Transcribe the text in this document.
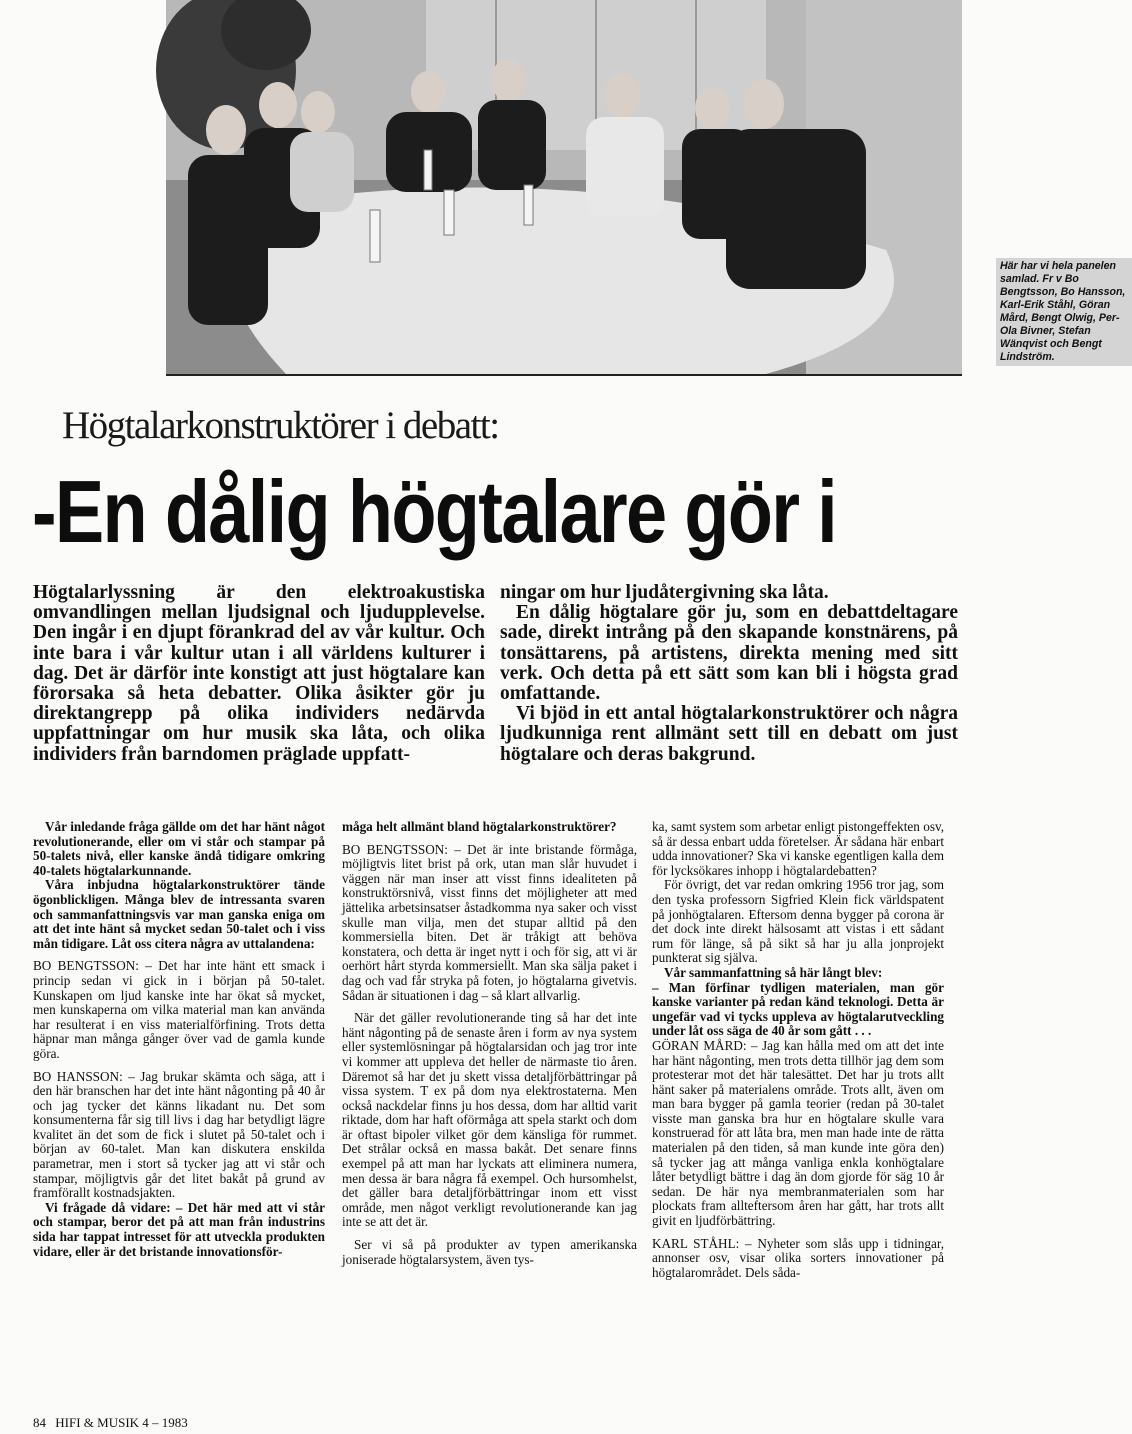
Här har vi hela panelen samlad. Fr v Bo Bengtsson, Bo Hansson, Karl-Erik Ståhl, Göran Mård, Bengt Olwig, Per-Ola Bivner, Stefan Wänqvist och Bengt Lindström.
Högtalarkonstruktörer i debatt:
-En dålig högtalare gör i

Högtalarlyssning är den elektroakustiska omvandlingen mellan ljudsignal och ljudupplevelse. Den ingår i en djupt förankrad del av vår kultur. Och inte bara i vår kultur utan i all världens kulturer i dag. Det är därför inte konstigt att just högtalare kan förorsaka så heta debatter. Olika åsikter gör ju direktangrepp på olika individers nedärvda uppfattningar om hur musik ska låta, och olika individers från barndomen präglade uppfatt-

ningar om hur ljudåtergivning ska låta.

En dålig högtalare gör ju, som en debattdeltagare sade, direkt intrång på den skapande konstnärens, på tonsättarens, på artistens, direkta mening med sitt verk. Och detta på ett sätt som kan bli i högsta grad omfattande.

Vi bjöd in ett antal högtalarkonstruktörer och några ljudkunniga rent allmänt sett till en debatt om just högtalare och deras bakgrund.

Vår inledande fråga gällde om det har hänt något revolutionerande, eller om vi står och stampar på 50-talets nivå, eller kanske ändå tidigare omkring 40-talets högtalarkunnande.

Våra inbjudna högtalarkonstruktörer tände ögonblickligen. Många blev de intressanta svaren och sammanfattningsvis var man ganska eniga om att det inte hänt så mycket sedan 50-talet och i viss mån tidigare. Låt oss citera några av uttalandena:

BO BENGTSSON: – Det har inte hänt ett smack i princip sedan vi gick in i början på 50-talet. Kunskapen om ljud kanske inte har ökat så mycket, men kunskaperna om vilka material man kan använda har resulterat i en viss materialförfining. Trots detta häpnar man många gånger över vad de gamla kunde göra.

BO HANSSON: – Jag brukar skämta och säga, att i den här branschen har det inte hänt någonting på 40 år och jag tycker det känns likadant nu. Det som konsumenterna får sig till livs i dag har betydligt lägre kvalitet än det som de fick i slutet på 50-talet och i början av 60-talet. Man kan diskutera enskilda parametrar, men i stort så tycker jag att vi står och stampar, möjligtvis går det litet bakåt på grund av framförallt kostnadsjakten.

Vi frågade då vidare: – Det här med att vi står och stampar, beror det på att man från industrins sida har tappat intresset för att utveckla produkten vidare, eller är det bristande innovationsför-

måga helt allmänt bland högtalarkonstruktörer?

BO BENGTSSON: – Det är inte bristande förmåga, möjligtvis litet brist på ork, utan man slår huvudet i väggen när man inser att visst finns idealiteten på konstruktörsnivå, visst finns det möjligheter att med jättelika arbetsinsatser åstadkomma nya saker och visst skulle man vilja, men det stupar alltid på den kommersiella biten. Det är tråkigt att behöva konstatera, och detta är inget nytt i och för sig, att vi är oerhört hårt styrda kommersiellt. Man ska sälja paket i dag och vad får stryka på foten, jo högtalarna givetvis. Sådan är situationen i dag – så klart allvarlig.

När det gäller revolutionerande ting så har det inte hänt någonting på de senaste åren i form av nya system eller systemlösningar på högtalarsidan och jag tror inte vi kommer att uppleva det heller de närmaste tio åren. Däremot så har det ju skett vissa detaljförbättringar på vissa system. T ex på dom nya elektrostaterna. Men också nackdelar finns ju hos dessa, dom har alltid varit riktade, dom har haft oförmåga att spela starkt och dom är oftast bipoler vilket gör dem känsliga för rummet. Det strålar också en massa bakåt. Det senare finns exempel på att man har lyckats att eliminera numera, men dessa är bara några få exempel. Och hursomhelst, det gäller bara detaljförbättringar inom ett visst område, men något verkligt revolutionerande kan jag inte se att det är.

Ser vi så på produkter av typen amerikanska joniserade högtalarsystem, även tys-

ka, samt system som arbetar enligt pistongeffekten osv, så är dessa enbart udda företelser. Är sådana här enbart udda innovationer? Ska vi kanske egentligen kalla dem för lycksökares inhopp i högtalardebatten?

För övrigt, det var redan omkring 1956 tror jag, som den tyska professorn Sigfried Klein fick världspatent på jonhögtalaren. Eftersom denna bygger på corona är det dock inte direkt hälsosamt att vistas i ett sådant rum för länge, så på sikt så har ju alla jonprojekt punkterat sig själva.

Vår sammanfattning så här långt blev:

– Man förfinar tydligen materialen, man gör kanske varianter på redan känd teknologi. Detta är ungefär vad vi tycks uppleva av högtalarutveckling under låt oss säga de 40 år som gått . . .

GÖRAN MÅRD: – Jag kan hålla med om att det inte har hänt någonting, men trots detta tillhör jag dem som protesterar mot det här talesättet. Det har ju trots allt hänt saker på materialens område. Trots allt, även om man bara bygger på gamla teorier (redan på 30-talet visste man ganska bra hur en högtalare skulle vara konstruerad för att låta bra, men man hade inte de rätta materialen på den tiden, så man kunde inte göra den) så tycker jag att många vanliga enkla konhögtalare låter betydligt bättre i dag än dom gjorde för säg 10 år sedan. De här nya membranmaterialen som har plockats fram allteftersom åren har gått, har trots allt givit en ljudförbättring.

KARL STÅHL: – Nyheter som slås upp i tidningar, annonser osv, visar olika sorters innovationer på högtalarområdet. Dels såda-

84 HIFI & MUSIK 4 – 1983
